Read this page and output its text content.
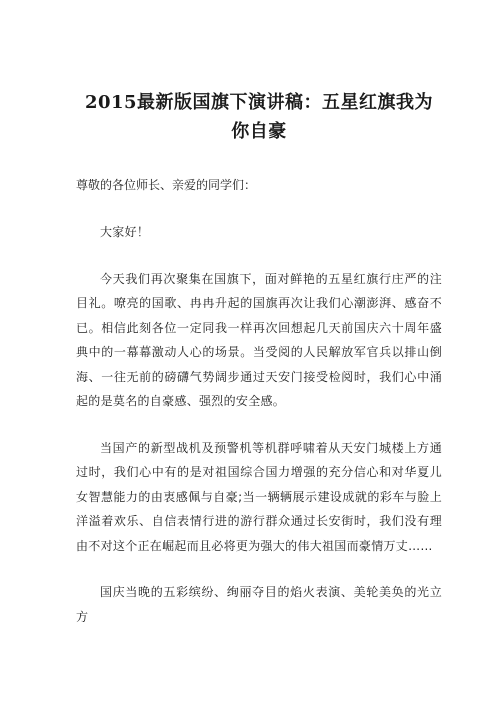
2015最新版国旗下演讲稿：五星红旗我为你自豪
尊敬的各位师长、亲爱的同学们：

大家好！

今天我们再次聚集在国旗下，面对鲜艳的五星红旗行庄严的注目礼。嘹亮的国歌、冉冉升起的国旗再次让我们心潮澎湃、感奋不已。相信此刻各位一定同我一样再次回想起几天前国庆六十周年盛典中的一幕幕激动人心的场景。当受阅的人民解放军官兵以排山倒海、一往无前的磅礴气势阔步通过天安门接受检阅时，我们心中涌起的是莫名的自豪感、强烈的安全感。

当国产的新型战机及预警机等机群呼啸着从天安门城楼上方通过时，我们心中有的是对祖国综合国力增强的充分信心和对华夏儿女智慧能力的由衷感佩与自豪;当一辆辆展示建设成就的彩车与脸上洋溢着欢乐、自信表情行进的游行群众通过长安街时，我们没有理由不对这个正在崛起而且必将更为强大的伟大祖国而豪情万丈……

国庆当晚的五彩缤纷、绚丽夺目的焰火表演、美轮美奂的光立方
